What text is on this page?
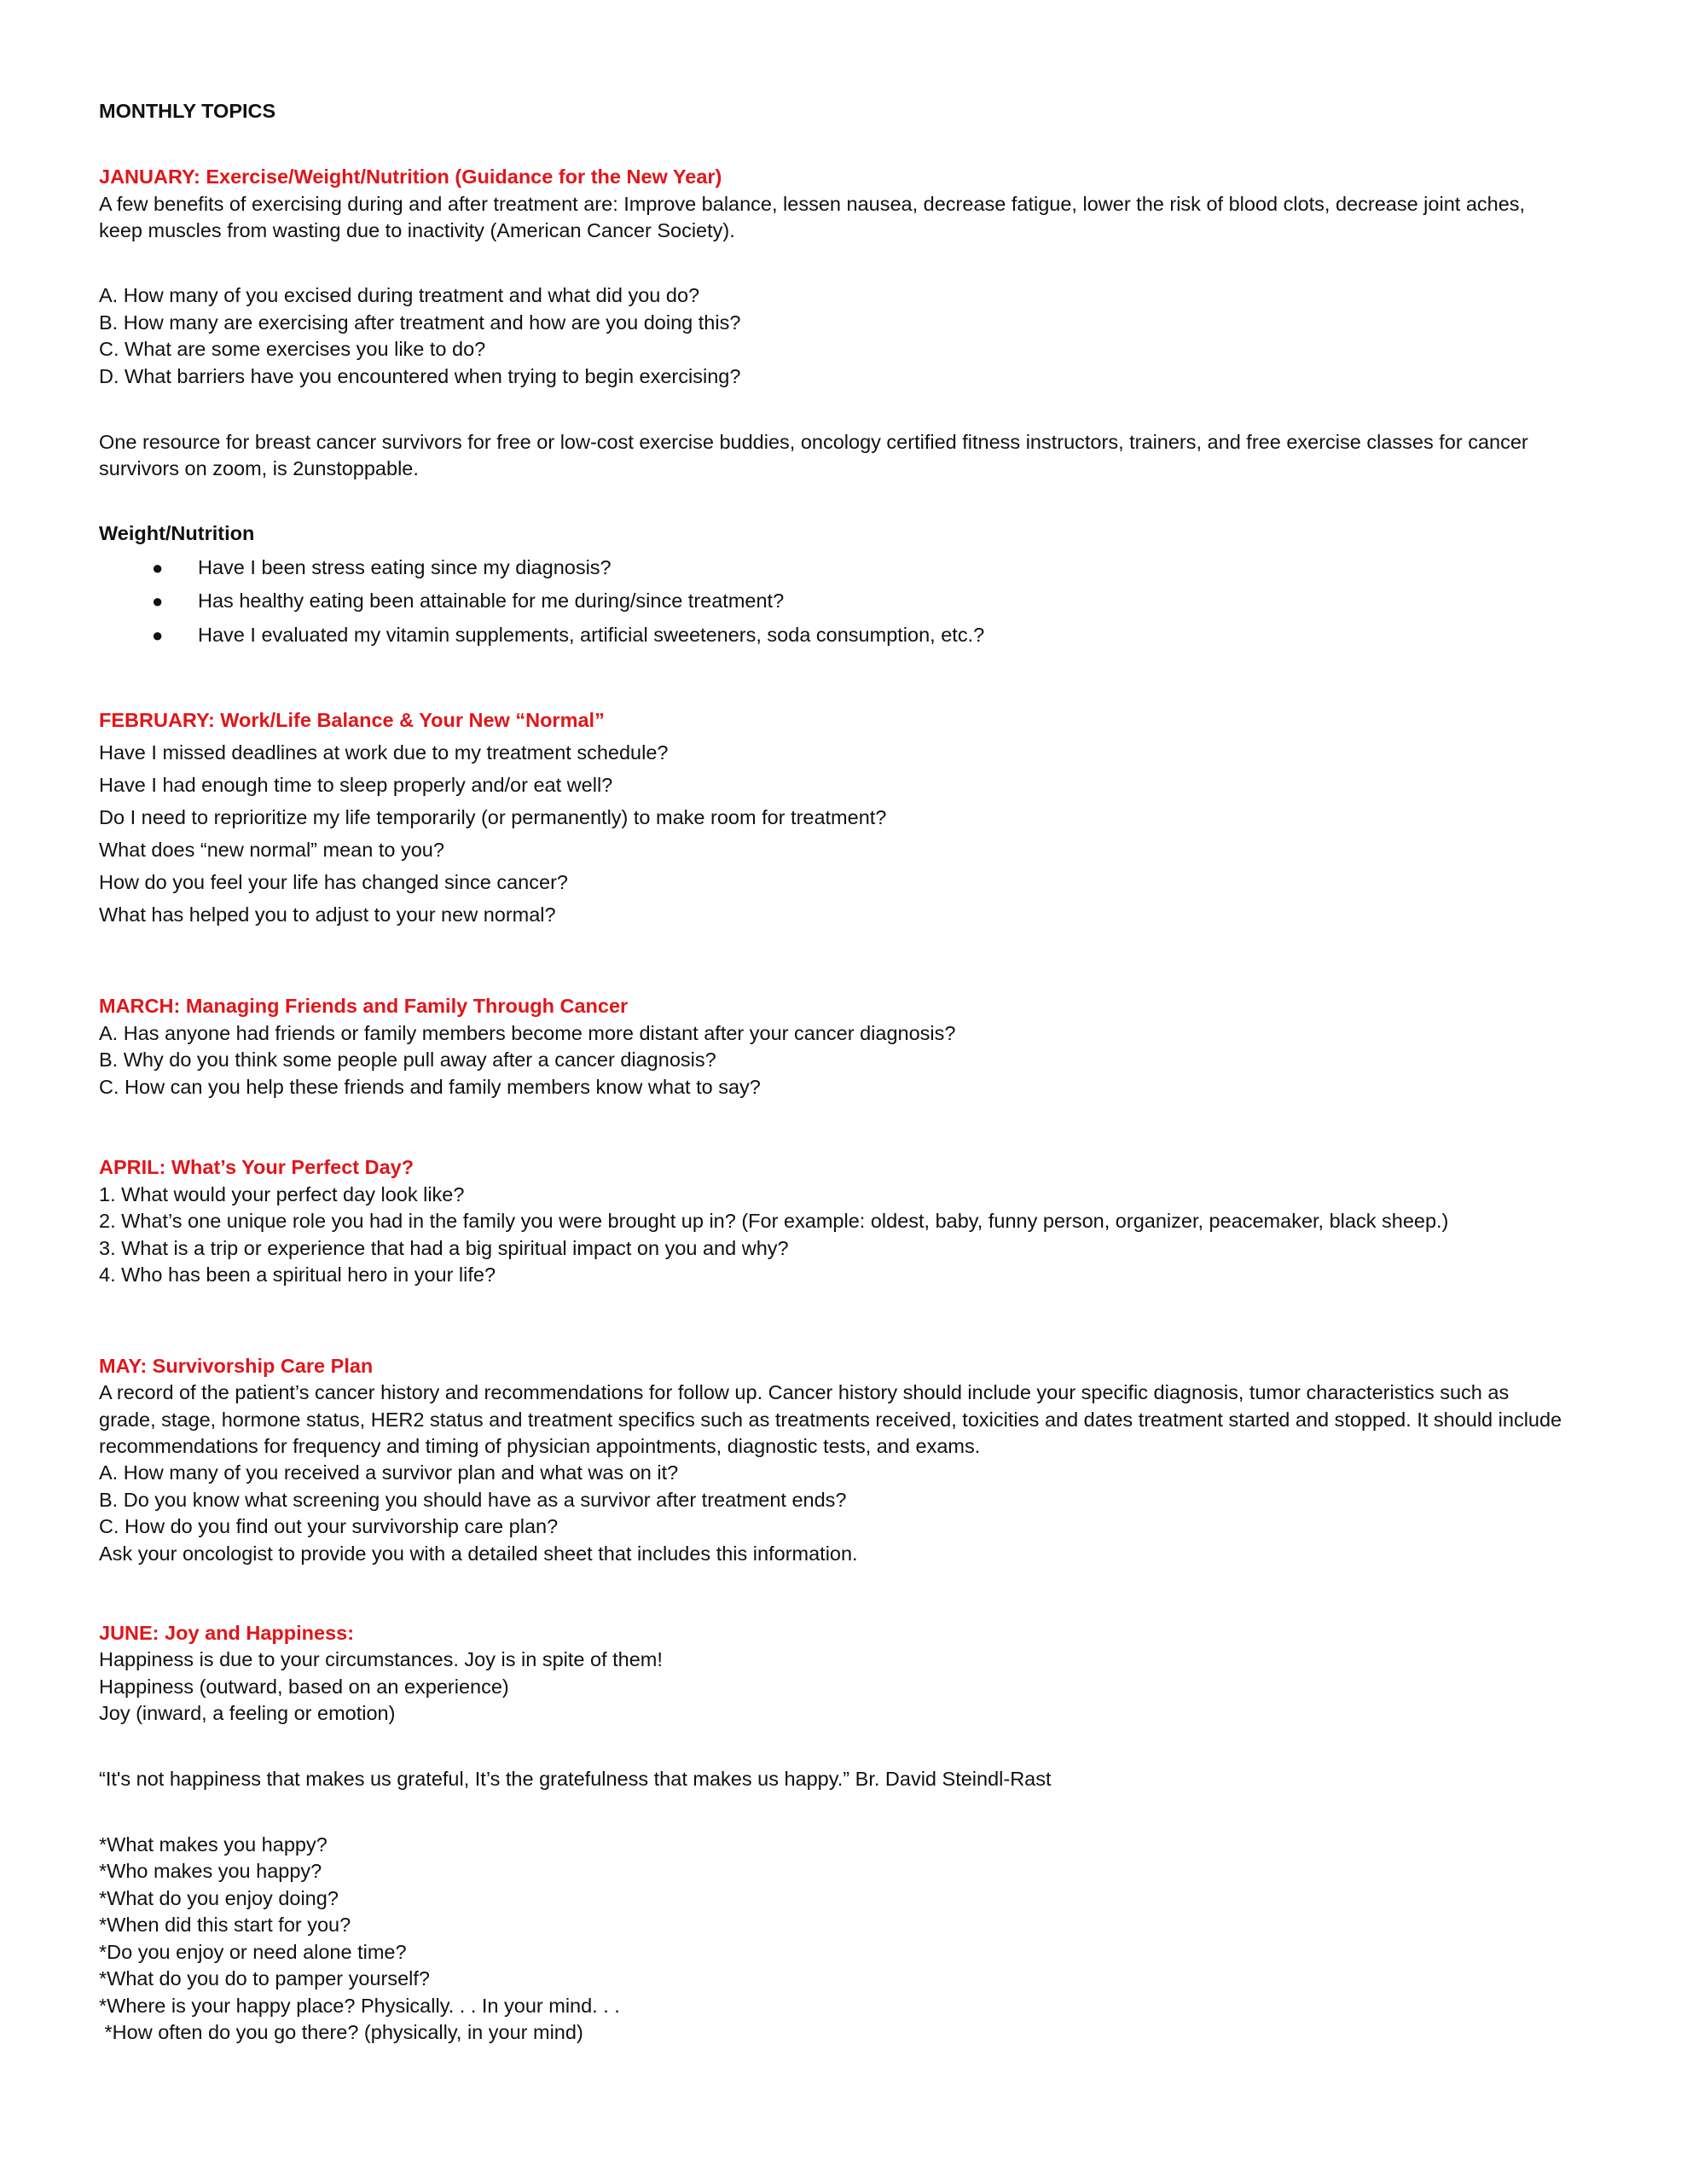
MONTHLY TOPICS
JANUARY: Exercise/Weight/Nutrition (Guidance for the New Year)
A few benefits of exercising during and after treatment are: Improve balance, lessen nausea, decrease fatigue, lower the risk of blood clots, decrease joint aches,
keep muscles from wasting due to inactivity (American Cancer Society).
A. How many of you excised during treatment and what did you do?
B. How many are exercising after treatment and how are you doing this?
C. What are some exercises you like to do?
D. What barriers have you encountered when trying to begin exercising?
One resource for breast cancer survivors for free or low-cost exercise buddies, oncology certified fitness instructors, trainers, and free exercise classes for cancer
survivors on zoom, is 2unstoppable.
Weight/Nutrition
● Have I been stress eating since my diagnosis?
● Has healthy eating been attainable for me during/since treatment?
● Have I evaluated my vitamin supplements, artificial sweeteners, soda consumption, etc.?
FEBRUARY: Work/Life Balance & Your New “Normal”
Have I missed deadlines at work due to my treatment schedule?
Have I had enough time to sleep properly and/or eat well?
Do I need to reprioritize my life temporarily (or permanently) to make room for treatment?
What does “new normal” mean to you?
How do you feel your life has changed since cancer?
What has helped you to adjust to your new normal?
MARCH: Managing Friends and Family Through Cancer
A. Has anyone had friends or family members become more distant after your cancer diagnosis?
B. Why do you think some people pull away after a cancer diagnosis?
C. How can you help these friends and family members know what to say?
APRIL: What’s Your Perfect Day?
1. What would your perfect day look like?
2. What’s one unique role you had in the family you were brought up in? (For example: oldest, baby, funny person, organizer, peacemaker, black sheep.)
3. What is a trip or experience that had a big spiritual impact on you and why?
4. Who has been a spiritual hero in your life?
MAY: Survivorship Care Plan
A record of the patient’s cancer history and recommendations for follow up. Cancer history should include your specific diagnosis, tumor characteristics such as
grade, stage, hormone status, HER2 status and treatment specifics such as treatments received, toxicities and dates treatment started and stopped. It should include
recommendations for frequency and timing of physician appointments, diagnostic tests, and exams.
A. How many of you received a survivor plan and what was on it?
B. Do you know what screening you should have as a survivor after treatment ends?
C. How do you find out your survivorship care plan?
Ask your oncologist to provide you with a detailed sheet that includes this information.
JUNE: Joy and Happiness:
Happiness is due to your circumstances. Joy is in spite of them!
Happiness (outward, based on an experience)
Joy (inward, a feeling or emotion)
“It's not happiness that makes us grateful, It’s the gratefulness that makes us happy.” Br. David Steindl-Rast
*What makes you happy?
*Who makes you happy?
*What do you enjoy doing?
*When did this start for you?
*Do you enjoy or need alone time?
*What do you do to pamper yourself?
*Where is your happy place? Physically. . . In your mind. . .
*How often do you go there? (physically, in your mind)
